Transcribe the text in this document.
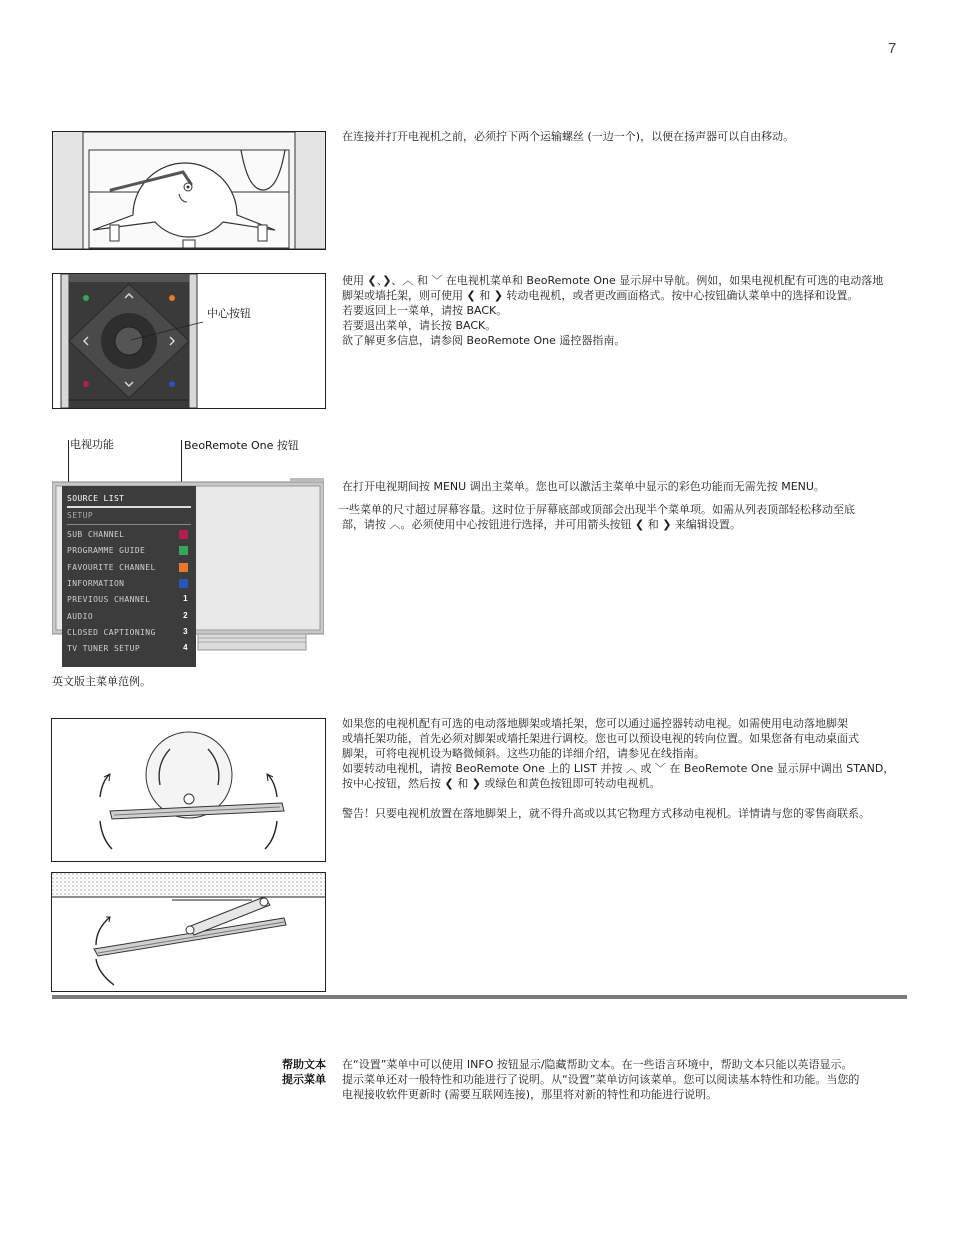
7

在连接并打开电视机之前，必须拧下两个运输螺丝 (一边一个)，以便在扬声器可以自由移动。

中心按钮

使用 ❮、❯、︿ 和 ﹀ 在电视机菜单和 BeoRemote One 显示屏中导航。例如，如果电视机配有可选的电动落地

脚架或墙托架，则可使用 ❮ 和 ❯ 转动电视机，或者更改画面格式。按中心按钮确认菜单中的选择和设置。

若要返回上一菜单，请按 BACK。

若要退出菜单，请长按 BACK。

欲了解更多信息，请参阅 BeoRemote One 遥控器指南。

电视功能	BeoRemote One 按钮
SOURCE LIST
SETUP
SUB CHANNEL
PROGRAMME GUIDE
FAVOURITE CHANNEL
INFORMATION
PREVIOUS CHANNEL	1
AUDIO	2
CLOSED CAPTIONING	3
TV TUNER SETUP	4
英文版主菜单范例。

在打开电视期间按 MENU 调出主菜单。您也可以激活主菜单中显示的彩色功能而无需先按 MENU。

一些菜单的尺寸超过屏幕容量。这时位于屏幕底部或顶部会出现半个菜单项。如需从列表顶部轻松移动至底

部，请按 ︿。必须使用中心按钮进行选择，并可用箭头按钮 ❮ 和 ❯ 来编辑设置。

如果您的电视机配有可选的电动落地脚架或墙托架，您可以通过遥控器转动电视。如需使用电动落地脚架

或墙托架功能，首先必须对脚架或墙托架进行调校。您也可以预设电视的转向位置。如果您备有电动桌面式

脚架，可将电视机设为略微倾斜。这些功能的详细介绍，请参见在线指南。

如要转动电视机，请按 BeoRemote One 上的 LIST 并按 ︿ 或 ﹀ 在 BeoRemote One 显示屏中调出 STAND，

按中心按钮，然后按 ❮ 和 ❯ 或绿色和黄色按钮即可转动电视机。

警告！只要电视机放置在落地脚架上，就不得升高或以其它物理方式移动电视机。详情请与您的零售商联系。

帮助文本
提示菜单

在“设置”菜单中可以使用 INFO 按钮显示/隐藏帮助文本。在一些语言环境中，帮助文本只能以英语显示。

提示菜单还对一般特性和功能进行了说明。从“设置”菜单访问该菜单。您可以阅读基本特性和功能。当您的

电视接收软件更新时 (需要互联网连接)，那里将对新的特性和功能进行说明。
